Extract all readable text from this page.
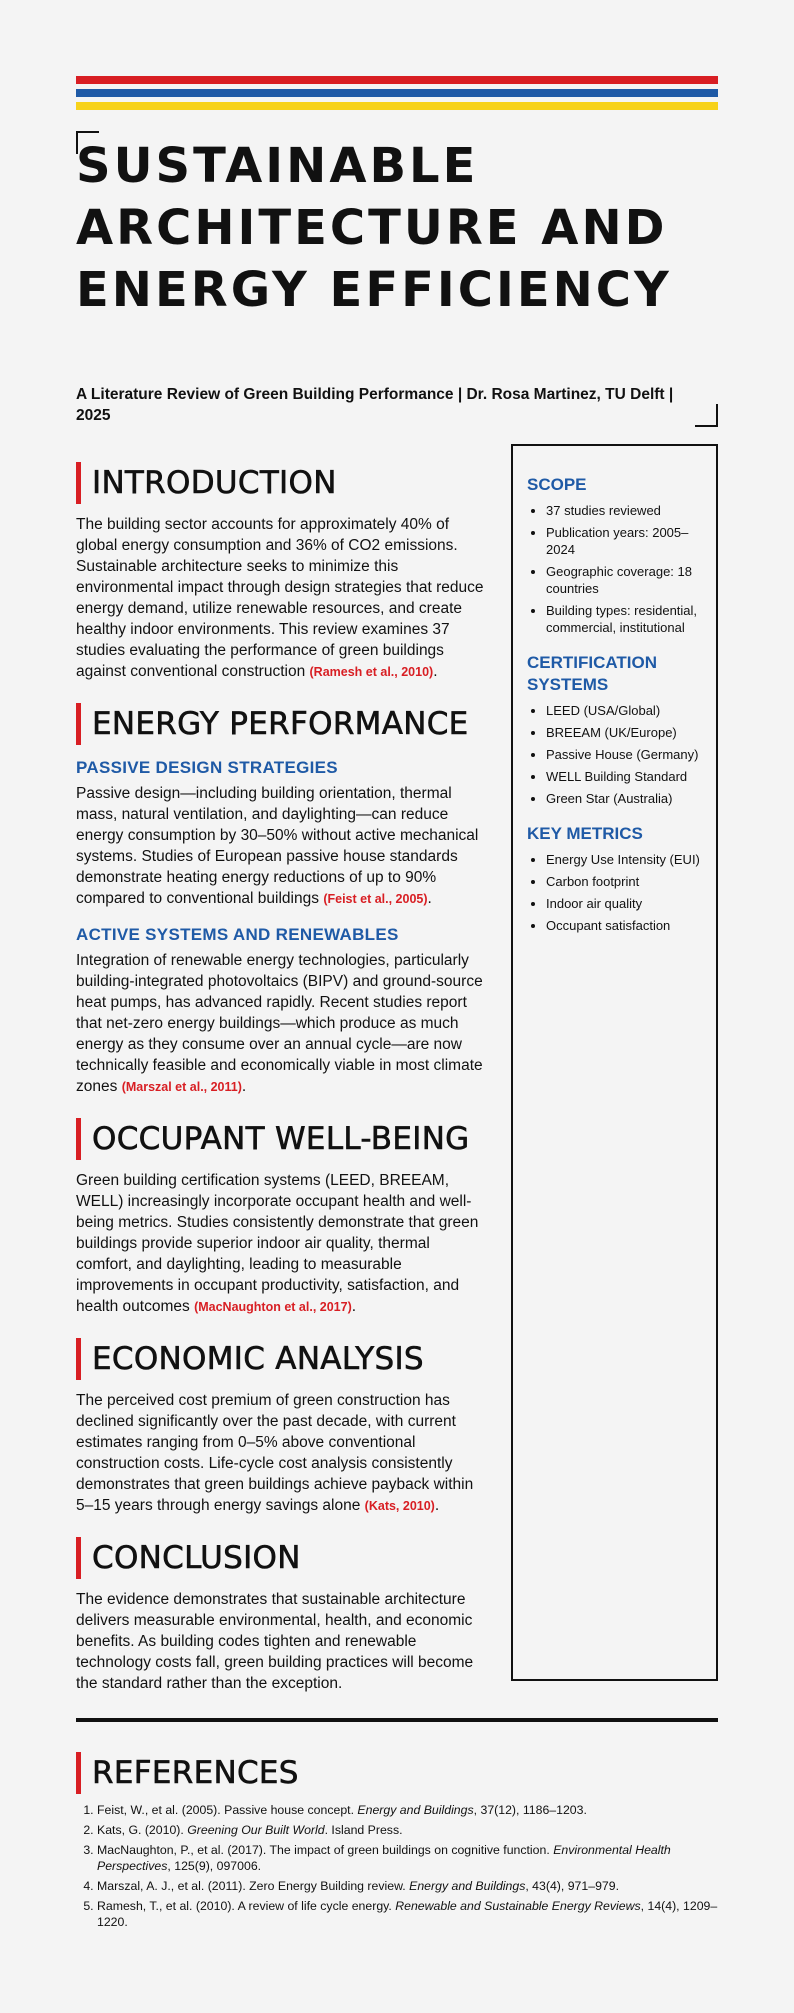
SUSTAINABLE ARCHITECTURE AND ENERGY EFFICIENCY
A Literature Review of Green Building Performance | Dr. Rosa Martinez, TU Delft | 2025
INTRODUCTION

The building sector accounts for approximately 40% of global energy consumption and 36% of CO2 emissions. Sustainable architecture seeks to minimize this environmental impact through design strategies that reduce energy demand, utilize renewable resources, and create healthy indoor environments. This review examines 37 studies evaluating the performance of green buildings against conventional construction (Ramesh et al., 2010).

ENERGY PERFORMANCE
PASSIVE DESIGN STRATEGIES

Passive design—including building orientation, thermal mass, natural ventilation, and daylighting—can reduce energy consumption by 30–50% without active mechanical systems. Studies of European passive house standards demonstrate heating energy reductions of up to 90% compared to conventional buildings (Feist et al., 2005).

ACTIVE SYSTEMS AND RENEWABLES

Integration of renewable energy technologies, particularly building-integrated photovoltaics (BIPV) and ground-source heat pumps, has advanced rapidly. Recent studies report that net-zero energy buildings—which produce as much energy as they consume over an annual cycle—are now technically feasible and economically viable in most climate zones (Marszal et al., 2011).

OCCUPANT WELL-BEING

Green building certification systems (LEED, BREEAM, WELL) increasingly incorporate occupant health and well-being metrics. Studies consistently demonstrate that green buildings provide superior indoor air quality, thermal comfort, and daylighting, leading to measurable improvements in occupant productivity, satisfaction, and health outcomes (MacNaughton et al., 2017).

ECONOMIC ANALYSIS

The perceived cost premium of green construction has declined significantly over the past decade, with current estimates ranging from 0–5% above conventional construction costs. Life-cycle cost analysis consistently demonstrates that green buildings achieve payback within 5–15 years through energy savings alone (Kats, 2010).

CONCLUSION

The evidence demonstrates that sustainable architecture delivers measurable environmental, health, and economic benefits. As building codes tighten and renewable technology costs fall, green building practices will become the standard rather than the exception.

SCOPE
• 37 studies reviewed
• Publication years: 2005–2024
• Geographic coverage: 18 countries
• Building types: residential, commercial, institutional
CERTIFICATION SYSTEMS
• LEED (USA/Global)
• BREEAM (UK/Europe)
• Passive House (Germany)
• WELL Building Standard
• Green Star (Australia)
KEY METRICS
• Energy Use Intensity (EUI)
• Carbon footprint
• Indoor air quality
• Occupant satisfaction
REFERENCES
1. Feist, W., et al. (2005). Passive house concept. Energy and Buildings, 37(12), 1186–1203.
2. Kats, G. (2010). Greening Our Built World. Island Press.
3. MacNaughton, P., et al. (2017). The impact of green buildings on cognitive function. Environmental Health Perspectives, 125(9), 097006.
4. Marszal, A. J., et al. (2011). Zero Energy Building review. Energy and Buildings, 43(4), 971–979.
5. Ramesh, T., et al. (2010). A review of life cycle energy. Renewable and Sustainable Energy Reviews, 14(4), 1209–1220.
